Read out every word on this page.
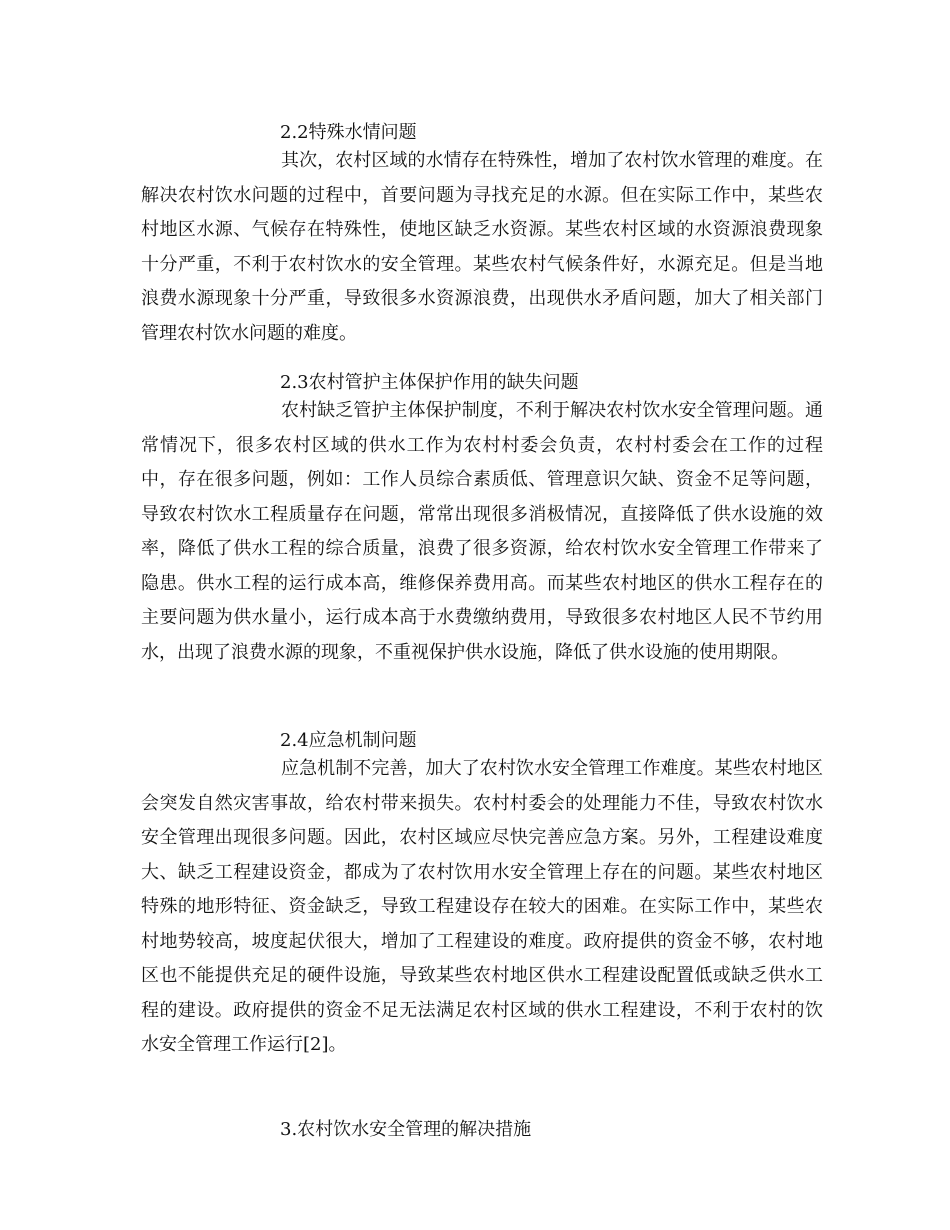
2.2特殊水情问题

其次，农村区域的水情存在特殊性，增加了农村饮水管理的难度。在解决农村饮水问题的过程中，首要问题为寻找充足的水源。但在实际工作中，某些农村地区水源、气候存在特殊性，使地区缺乏水资源。某些农村区域的水资源浪费现象十分严重，不利于农村饮水的安全管理。某些农村气候条件好，水源充足。但是当地浪费水源现象十分严重，导致很多水资源浪费，出现供水矛盾问题，加大了相关部门管理农村饮水问题的难度。

2.3农村管护主体保护作用的缺失问题

农村缺乏管护主体保护制度，不利于解决农村饮水安全管理问题。通常情况下，很多农村区域的供水工作为农村村委会负责，农村村委会在工作的过程中，存在很多问题，例如：工作人员综合素质低、管理意识欠缺、资金不足等问题，导致农村饮水工程质量存在问题，常常出现很多消极情况，直接降低了供水设施的效率，降低了供水工程的综合质量，浪费了很多资源，给农村饮水安全管理工作带来了隐患。供水工程的运行成本高，维修保养费用高。而某些农村地区的供水工程存在的主要问题为供水量小，运行成本高于水费缴纳费用，导致很多农村地区人民不节约用水，出现了浪费水源的现象，不重视保护供水设施，降低了供水设施的使用期限。

2.4应急机制问题

应急机制不完善，加大了农村饮水安全管理工作难度。某些农村地区会突发自然灾害事故，给农村带来损失。农村村委会的处理能力不佳，导致农村饮水安全管理出现很多问题。因此，农村区域应尽快完善应急方案。另外，工程建设难度大、缺乏工程建设资金，都成为了农村饮用水安全管理上存在的问题。某些农村地区特殊的地形特征、资金缺乏，导致工程建设存在较大的困难。在实际工作中，某些农村地势较高，坡度起伏很大，增加了工程建设的难度。政府提供的资金不够，农村地区也不能提供充足的硬件设施，导致某些农村地区供水工程建设配置低或缺乏供水工程的建设。政府提供的资金不足无法满足农村区域的供水工程建设，不利于农村的饮水安全管理工作运行[2]。

3.农村饮水安全管理的解决措施
